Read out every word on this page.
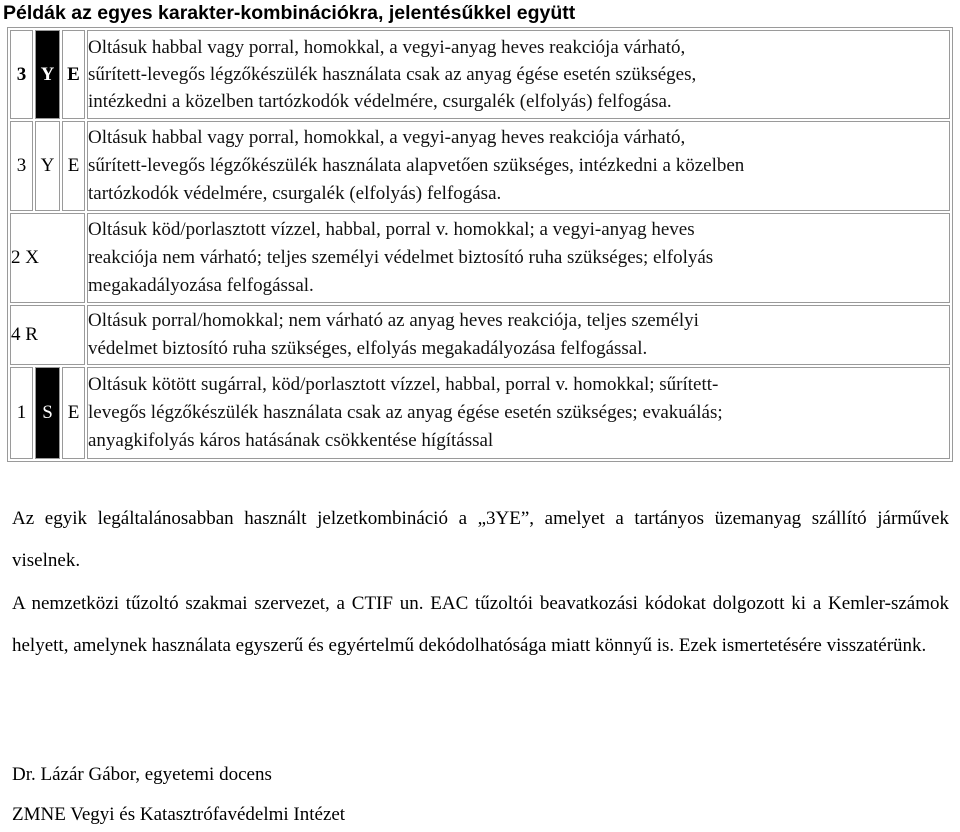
Példák az egyes karakter-kombinációkra, jelentésűkkel együtt
3	Y	E	Oltásuk habbal vagy porral, homokkal, a vegyi-anyag heves reakciója várható,
sűrített-levegős légzőkészülék használata csak az anyag égése esetén szükséges,
intézkedni a közelben tartózkodók védelmére, csurgalék (elfolyás) felfogása.

3	Y	E	Oltásuk habbal vagy porral, homokkal, a vegyi-anyag heves reakciója várható,
sűrített-levegős légzőkészülék használata alapvetően szükséges, intézkedni a közelben
tartózkodók védelmére, csurgalék (elfolyás) felfogása.

2 X			Oltásuk köd/porlasztott vízzel, habbal, porral v. homokkal; a vegyi-anyag heves
reakciója nem várható; teljes személyi védelmet biztosító ruha szükséges; elfolyás
megakadályozása felfogással.

4 R			Oltásuk porral/homokkal; nem várható az anyag heves reakciója, teljes személyi
védelmet biztosító ruha szükséges, elfolyás megakadályozása felfogással.

1	S	E	Oltásuk kötött sugárral, köd/porlasztott vízzel, habbal, porral v. homokkal; sűrített-
levegős légzőkészülék használata csak az anyag égése esetén szükséges; evakuálás;
anyagkifolyás káros hatásának csökkentése hígítással
Az egyik legáltalánosabban használt jelzetkombináció a „3YE”, amelyet a tartányos üzemanyag szállító járművek viselnek.
A nemzetközi tűzoltó szakmai szervezet, a CTIF un. EAC tűzoltói beavatkozási kódokat dolgozott ki a Kemler-számok helyett, amelynek használata egyszerű és egyértelmű dekódolhatósága miatt könnyű is. Ezek ismertetésére visszatérünk.
Dr. Lázár Gábor, egyetemi docens
ZMNE Vegyi és Katasztrófavédelmi Intézet
